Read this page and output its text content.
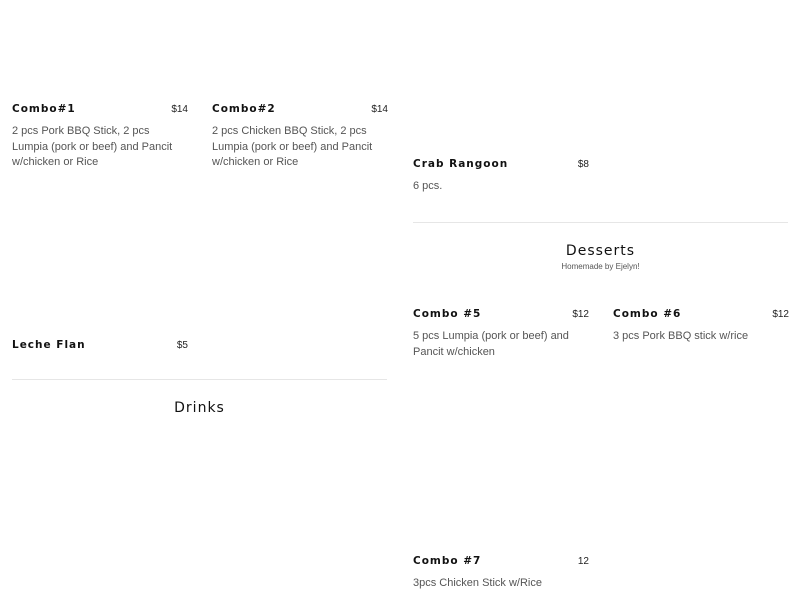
Combo#1	$14
2 pcs Pork BBQ Stick, 2 pcs Lumpia (pork or beef) and Pancit w/chicken or Rice
Combo#2	$14
2 pcs Chicken BBQ Stick, 2 pcs Lumpia (pork or beef) and Pancit w/chicken or Rice	Crab Rangoon	$8
6 pcs.
Desserts
Homemade by Ejelyn!
Combo #5	$12
5 pcs Lumpia (pork or beef) and Pancit w/chicken
Combo #6	$12
3 pcs Pork BBQ stick w/rice
Leche Flan	$5
Drinks
Combo #7	12
3pcs Chicken Stick w/Rice
